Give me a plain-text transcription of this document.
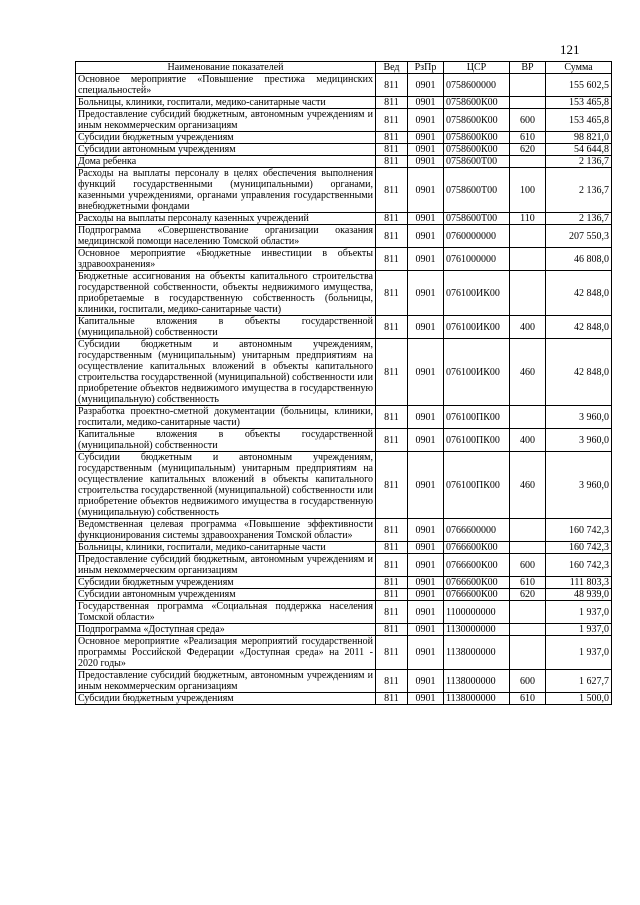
121
Наименование показателей	Вед	РзПр	ЦСР	ВР	Сумма
Основное мероприятие «Повышение престижа медицинских специальностей»	811	0901	0758600000		155 602,5
Больницы, клиники, госпитали, медико-санитарные части	811	0901	0758600К00		153 465,8
Предоставление субсидий бюджетным, автономным учреждениям и иным некоммерческим организациям	811	0901	0758600К00	600	153 465,8
Субсидии бюджетным учреждениям	811	0901	0758600К00	610	98 821,0
Субсидии автономным учреждениям	811	0901	0758600К00	620	54 644,8
Дома ребенка	811	0901	0758600Т00		2 136,7
Расходы на выплаты персоналу в целях обеспечения выполнения функций государственными (муниципальными) органами, казенными учреждениями, органами управления государственными внебюджетными фондами	811	0901	0758600Т00	100	2 136,7
Расходы на выплаты персоналу казенных учреждений	811	0901	0758600Т00	110	2 136,7
Подпрограмма «Совершенствование организации оказания медицинской помощи населению Томской области»	811	0901	0760000000		207 550,3
Основное мероприятие «Бюджетные инвестиции в объекты здравоохранения»	811	0901	0761000000		46 808,0
Бюджетные ассигнования на объекты капитального строительства государственной собственности, объекты недвижимого имущества, приобретаемые в государственную собственность (больницы, клиники, госпитали, медико-санитарные части)	811	0901	076100ИК00		42 848,0
Капитальные вложения в объекты государственной (муниципальной) собственности	811	0901	076100ИК00	400	42 848,0
Субсидии бюджетным и автономным учреждениям, государственным (муниципальным) унитарным предприятиям на осуществление капитальных вложений в объекты капитального строительства государственной (муниципальной) собственности или приобретение объектов недвижимого имущества в государственную (муниципальную) собственность	811	0901	076100ИК00	460	42 848,0
Разработка проектно-сметной документации (больницы, клиники, госпитали, медико-санитарные части)	811	0901	076100ПК00		3 960,0
Капитальные вложения в объекты государственной (муниципальной) собственности	811	0901	076100ПК00	400	3 960,0
Субсидии бюджетным и автономным учреждениям, государственным (муниципальным) унитарным предприятиям на осуществление капитальных вложений в объекты капитального строительства государственной (муниципальной) собственности или приобретение объектов недвижимого имущества в государственную (муниципальную) собственность	811	0901	076100ПК00	460	3 960,0
Ведомственная целевая программа «Повышение эффективности функционирования системы здравоохранения Томской области»	811	0901	0766600000		160 742,3
Больницы, клиники, госпитали, медико-санитарные части	811	0901	0766600К00		160 742,3
Предоставление субсидий бюджетным, автономным учреждениям и иным некоммерческим организациям	811	0901	0766600К00	600	160 742,3
Субсидии бюджетным учреждениям	811	0901	0766600К00	610	111 803,3
Субсидии автономным учреждениям	811	0901	0766600К00	620	48 939,0
Государственная программа «Социальная поддержка населения Томской области»	811	0901	1100000000		1 937,0
Подпрограмма «Доступная среда»	811	0901	1130000000		1 937,0
Основное мероприятие «Реализация мероприятий государственной программы Российской Федерации «Доступная среда» на 2011 - 2020 годы»	811	0901	1138000000		1 937,0
Предоставление субсидий бюджетным, автономным учреждениям и иным некоммерческим организациям	811	0901	1138000000	600	1 627,7
Субсидии бюджетным учреждениям	811	0901	1138000000	610	1 500,0
